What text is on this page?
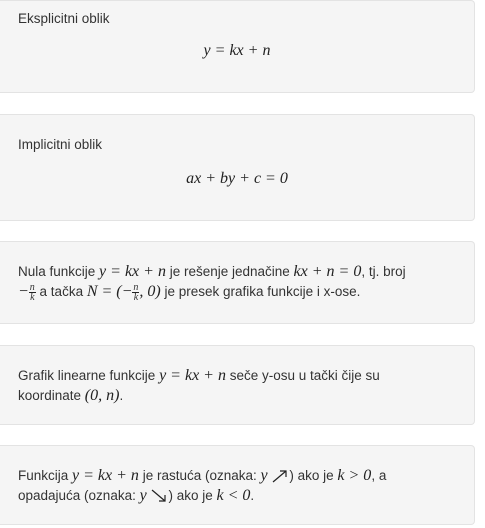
Eksplicitni oblik
y = kx + n
Implicitni oblik
ax + by + c = 0
Nula funkcije y = kx + n je rešenje jednačine kx + n = 0, tj. broj
− $\frac{n}{k}$ a tačka N = (− $\frac{n}{k}$ , 0) je presek grafika funkcije i x-ose.
Grafik linearne funkcije y = kx + n seče y-osu u tački čije su
koordinate (0, n).
Funkcija y = kx + n je rastuća (oznaka: y ) ako je k > 0, a
opadajuća (oznaka: y ) ako je k < 0.
